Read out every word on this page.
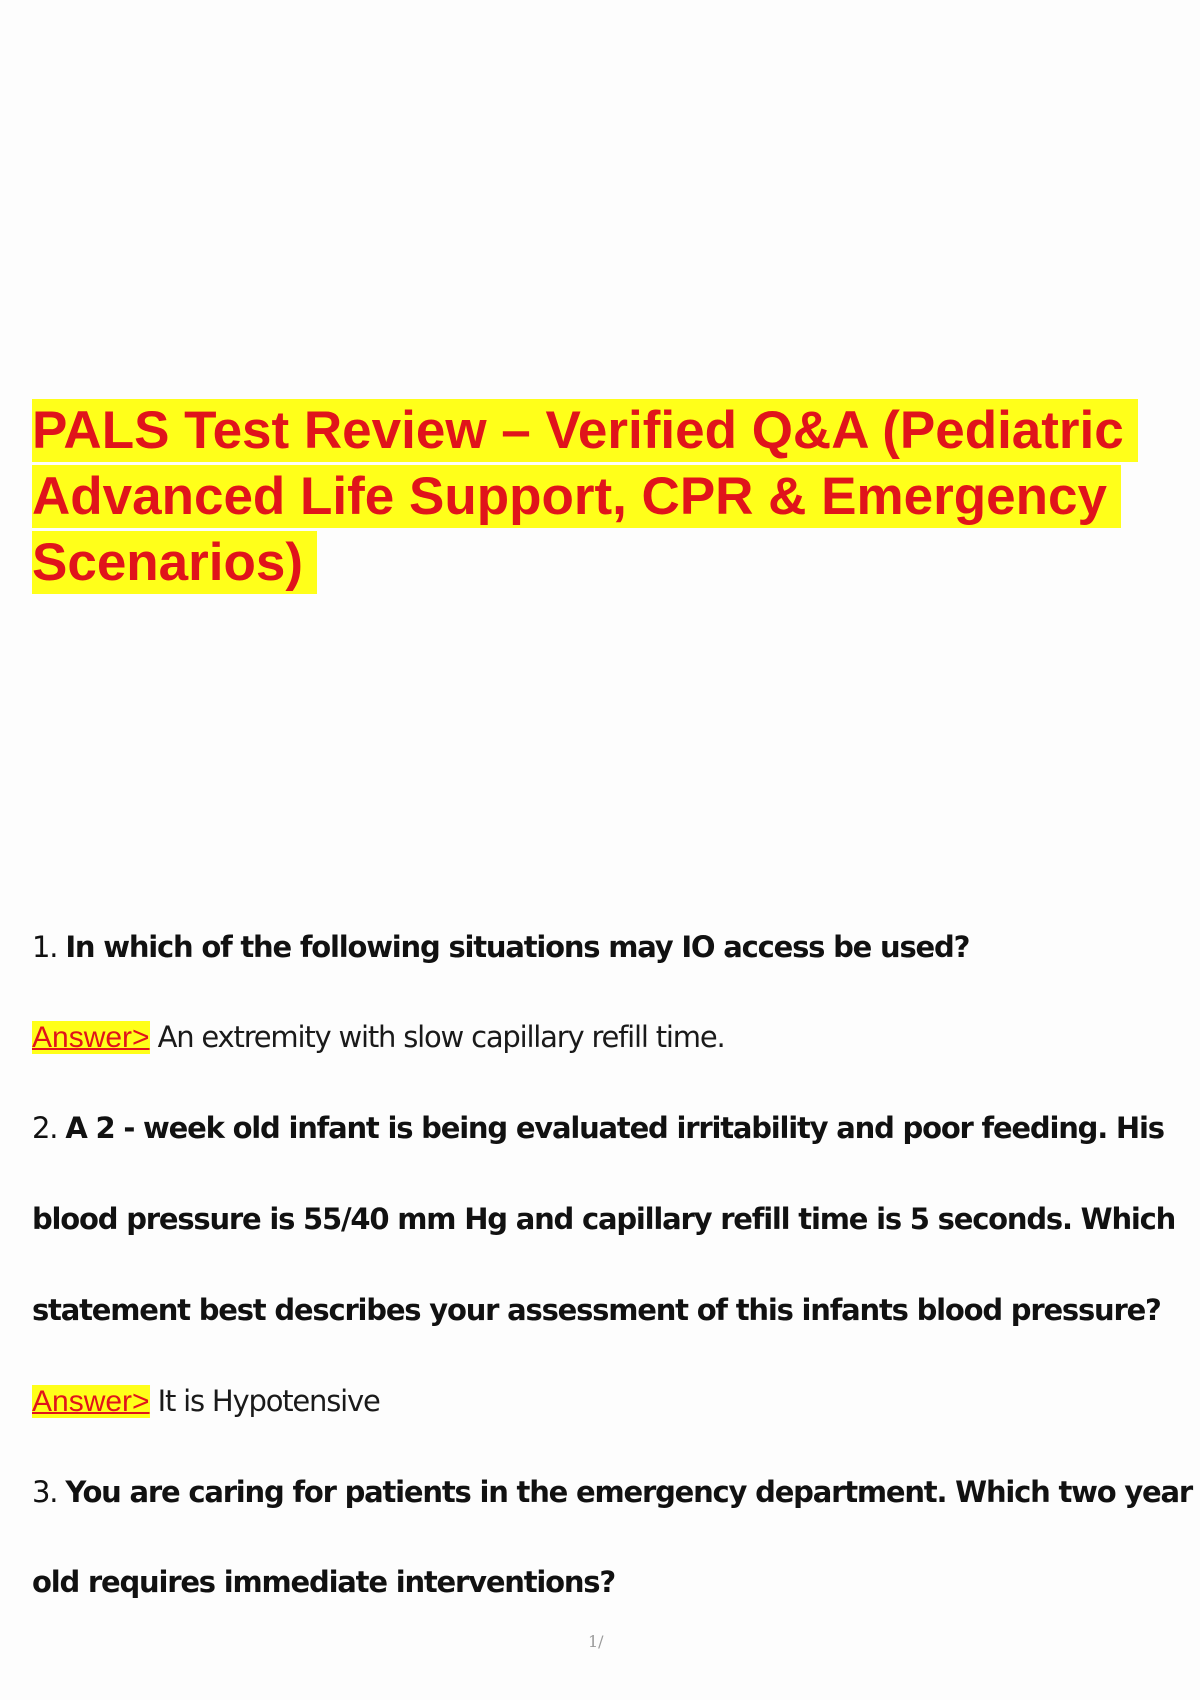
PALS Test Review – Verified Q&A (Pediatric Advanced Life Support, CPR & Emergency Scenarios)

1. In which of the following situations may IO access be used?

Answer> An extremity with slow capillary refill time.

2. A 2 - week old infant is being evaluated irritability and poor feeding. His

blood pressure is 55/40 mm Hg and capillary refill time is 5 seconds. Which

statement best describes your assessment of this infants blood pressure?

Answer> It is Hypotensive

3. You are caring for patients in the emergency department. Which two year

old requires immediate interventions?

1/
